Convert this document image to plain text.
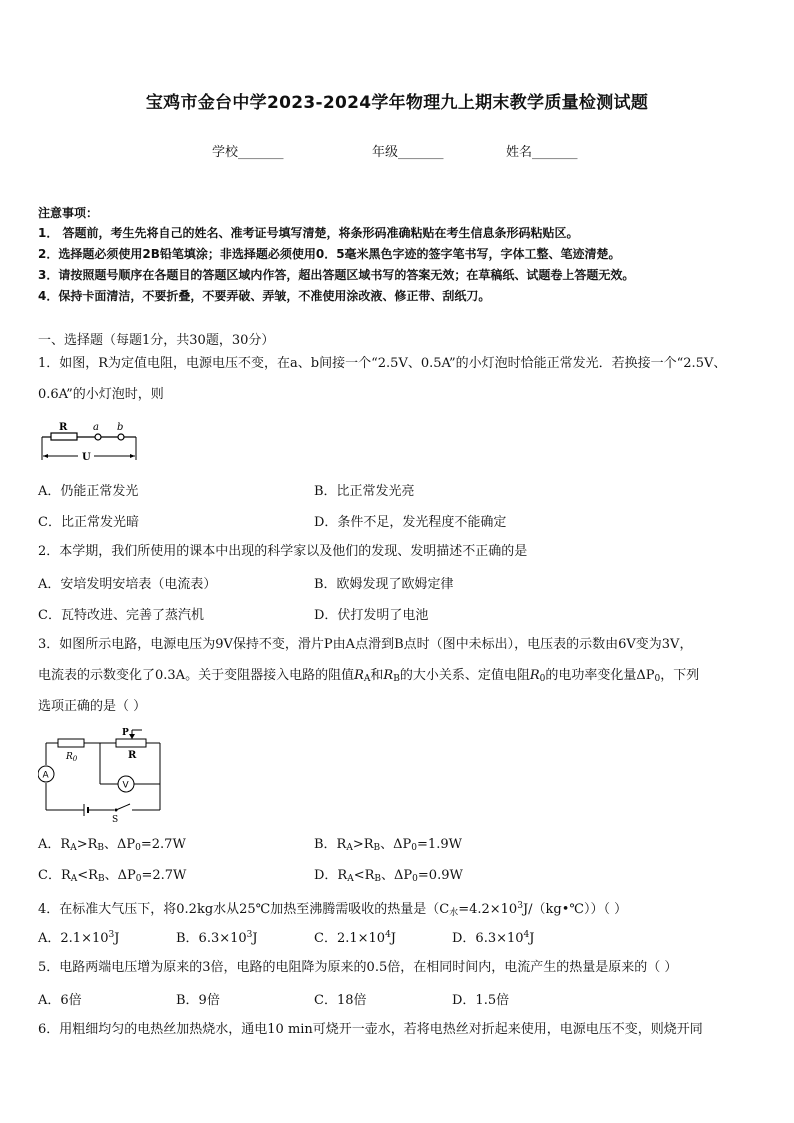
宝鸡市金台中学2023-2024学年物理九上期末教学质量检测试题
学校_______	年级_______	姓名_______
注意事项：
1． 答题前，考生先将自己的姓名、准考证号填写清楚，将条形码准确粘贴在考生信息条形码粘贴区。
2．选择题必须使用2B铅笔填涂；非选择题必须使用0．5毫米黑色字迹的签字笔书写，字体工整、笔迹清楚。
3．请按照题号顺序在各题目的答题区域内作答，超出答题区域书写的答案无效；在草稿纸、试题卷上答题无效。
4．保持卡面清洁，不要折叠，不要弄破、弄皱，不准使用涂改液、修正带、刮纸刀。
一、选择题（每题1分，共30题，30分）
1．如图，R为定值电阻，电源电压不变，在a、b间接一个“2.5V、0.5A”的小灯泡时恰能正常发光．若换接一个“2.5V、
0.6A”的小灯泡时，则
R	a b
U
A．仍能正常发光	B．比正常发光亮
C．比正常发光暗	D．条件不足，发光程度不能确定
2．本学期，我们所使用的课本中出现的科学家以及他们的发现、发明描述不正确的是
A．安培发明安培表（电流表）	B．欧姆发现了欧姆定律
C．瓦特改进、完善了蒸汽机	D．伏打发明了电池
3．如图所示电路，电源电压为9V保持不变，滑片P由A点滑到B点时（图中未标出），电压表的示数由6V变为3V，
电流表的示数变化了0.3A。关于变阻器接入电路的阻值$R_A$和$R_B$的大小关系、定值电阻$R_0$的电功率变化量$\Delta P_0$，下列
选项正确的是（ ）
A
$R_0$
P
R
V
S
A．$R_A>R_B$、$\Delta P_0=2.7W$	B．$R_A>R_B$、$\Delta P_0=1.9W$
C．$R_A<R_B$、$\Delta P_0=2.7W$	D．$R_A<R_B$、$\Delta P_0=0.9W$
4．在标准大气压下，将0.2kg水从25℃加热至沸腾需吸收的热量是$(C_水=4.2\times 10^3J/(kg•℃))$（ ）
A．$2.1\times 10^3J$	B．$6.3\times 10^3J$	C．$2.1\times 10^4J$	D．$6.3\times 10^4J$
5．电路两端电压增为原来的3倍，电路的电阻降为原来的0.5倍，在相同时间内，电流产生的热量是原来的（ ）
A．6倍	B．9倍	C．18倍	D．1.5倍
6．用粗细均匀的电热丝加热烧水，通电10 min可烧开一壶水，若将电热丝对折起来使用，电源电压不变，则烧开同
